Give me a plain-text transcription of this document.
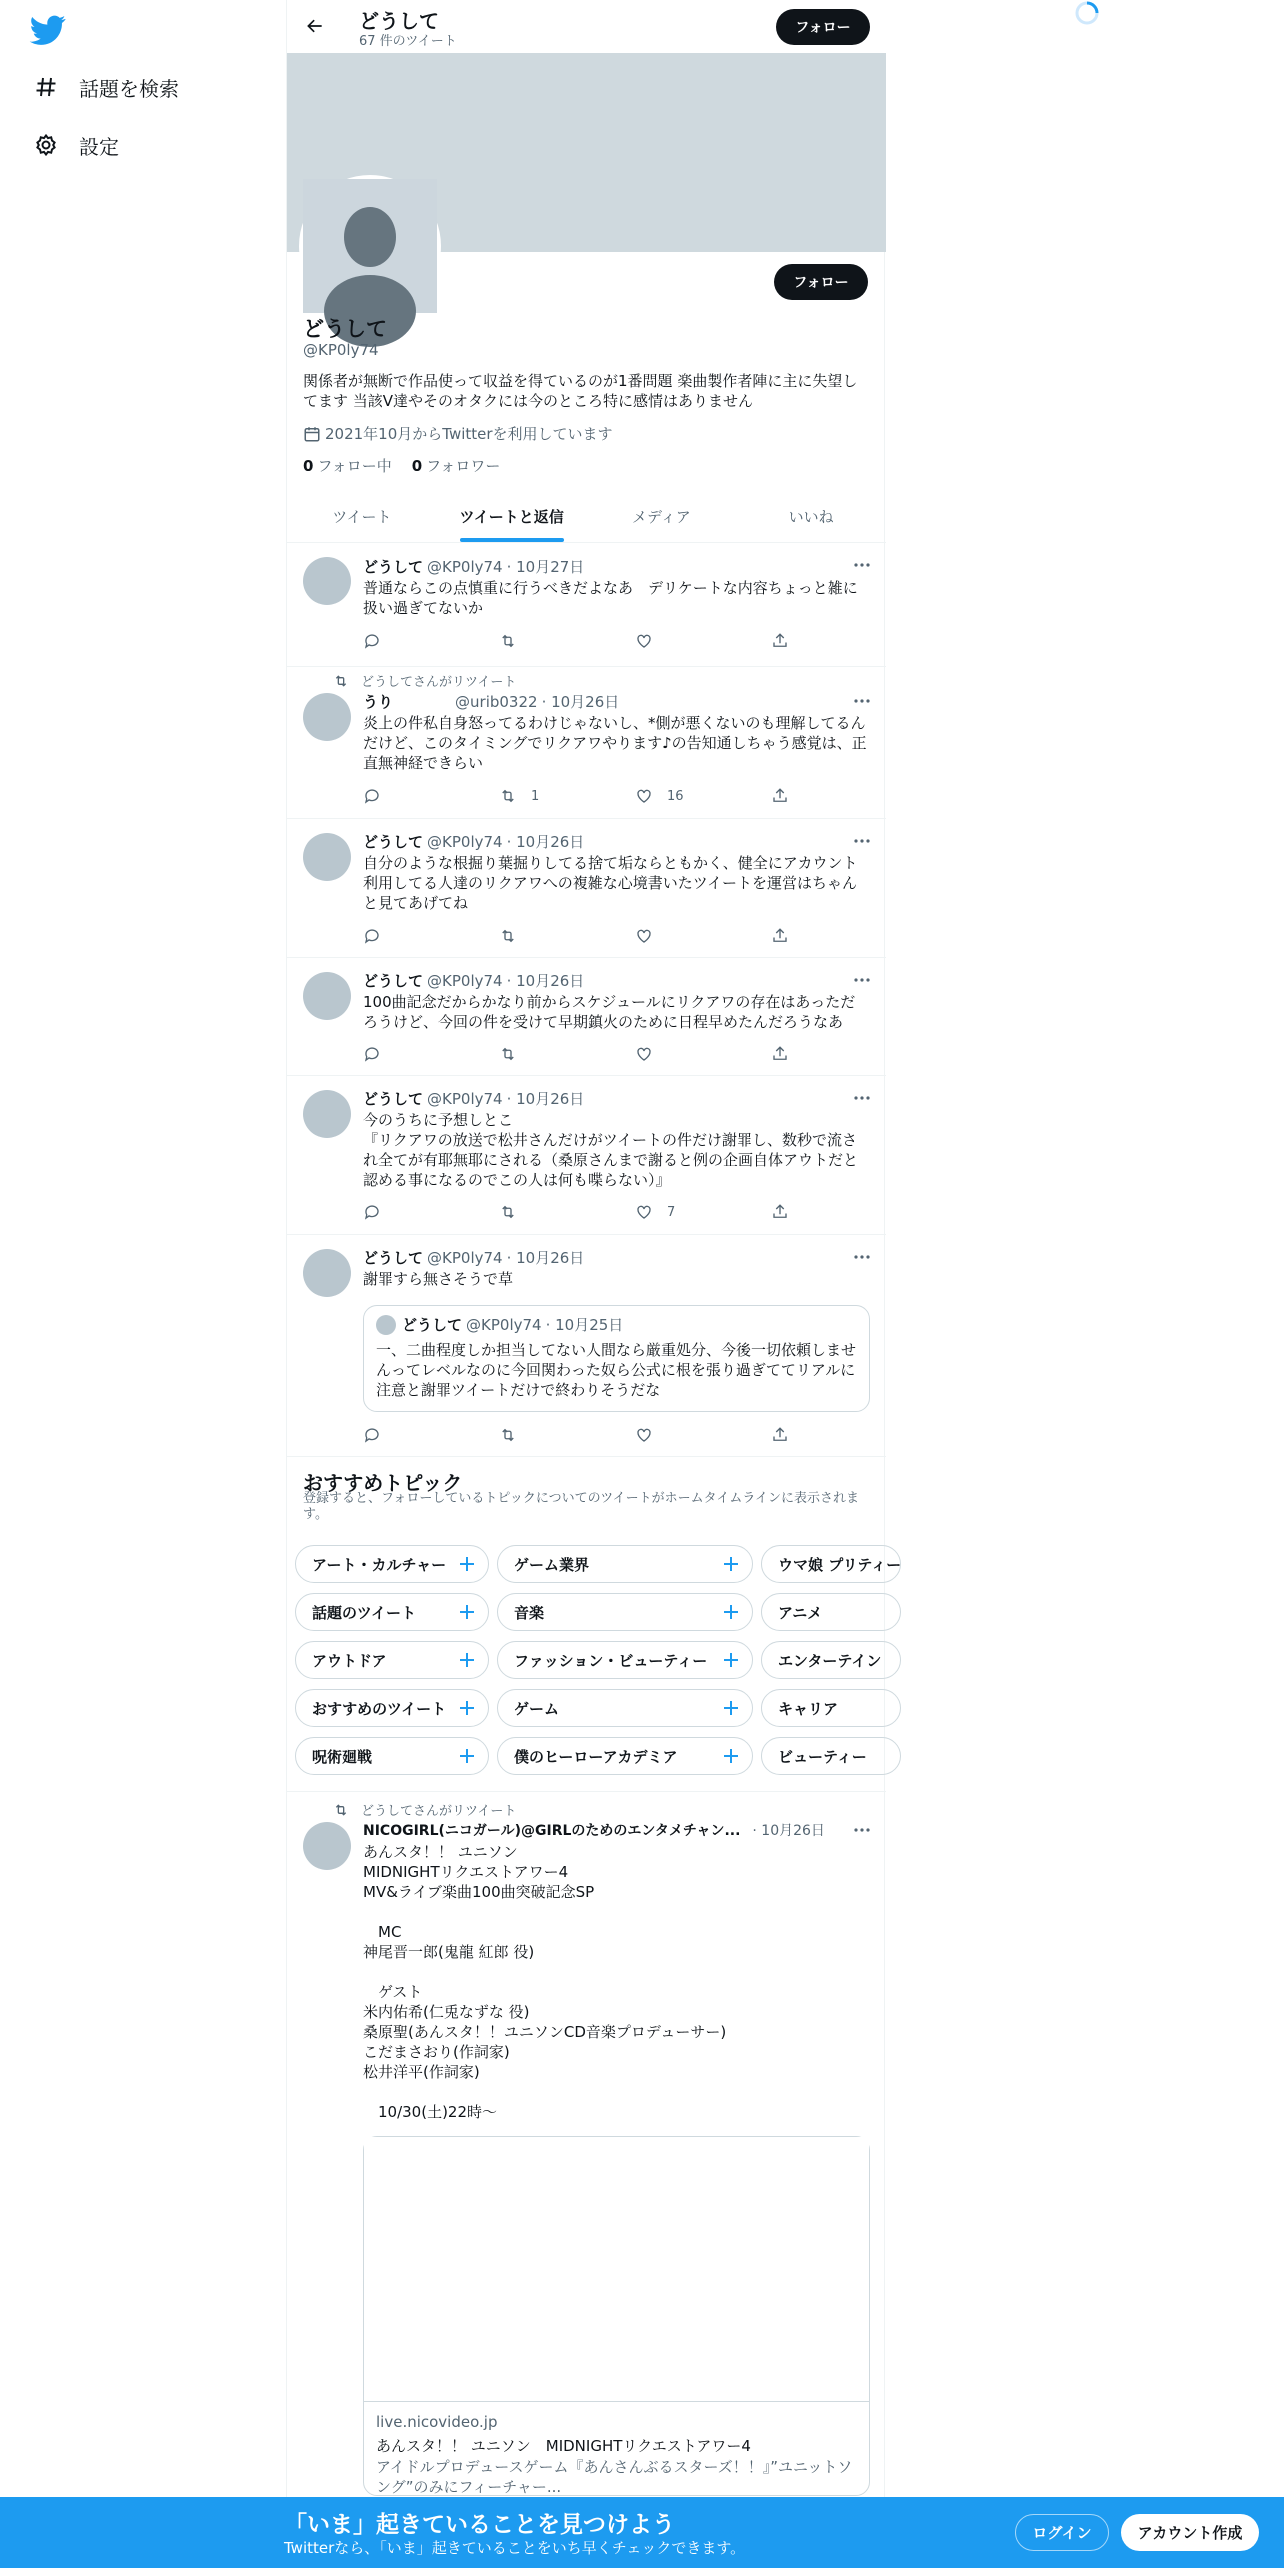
話題を検索
設定
どうして
67 件のツイート
フォロー
フォロー
どうして
@KP0ly74
関係者が無断で作品使って収益を得ているのが1番問題 楽曲製作者陣に主に失望してます 当該V達やそのオタクには今のところ特に感情はありません
2021年10月からTwitterを利用しています
0 フォロー中 0 フォロワー
ツイート	ツイートと返信	メディア	いいね
どうして @KP0ly74 · 10月27日
普通ならこの点慎重に行うべきだよなあ　デリケートな内容ちょっと雑に扱い過ぎてないか
どうしてさんがリツイート
うり	@urib0322 · 10月26日
炎上の件私自身怒ってるわけじゃないし、*側が悪くないのも理解してるんだけど、このタイミングでリクアワやります♪の告知通しちゃう感覚は、正直無神経できらい
1	16
どうして @KP0ly74 · 10月26日
自分のような根掘り葉掘りしてる捨て垢ならともかく、健全にアカウント利用してる人達のリクアワへの複雑な心境書いたツイートを運営はちゃんと見てあげてね
どうして @KP0ly74 · 10月26日
100曲記念だからかなり前からスケジュールにリクアワの存在はあっただろうけど、今回の件を受けて早期鎮火のために日程早めたんだろうなあ
どうして @KP0ly74 · 10月26日
今のうちに予想しとこ
『リクアワの放送で松井さんだけがツイートの件だけ謝罪し、数秒で流され全てが有耶無耶にされる（桑原さんまで謝ると例の企画自体アウトだと認める事になるのでこの人は何も喋らない）』
7
どうして @KP0ly74 · 10月26日
謝罪すら無さそうで草
どうして @KP0ly74 · 10月25日
一、二曲程度しか担当してない人間なら厳重処分、今後一切依頼しませんってレベルなのに今回関わった奴ら公式に根を張り過ぎててリアルに注意と謝罪ツイートだけで終わりそうだな
おすすめトピック
登録すると、フォローしているトピックについてのツイートがホームタイムラインに表示されます。
アート・カルチャー	ゲーム業界	ウマ娘 プリティー
話題のツイート	音楽	アニメ
アウトドア	ファッション・ビューティー	エンターテイン
おすすめのツイート	ゲーム	キャリア
呪術廻戦	僕のヒーローアカデミア	ビューティー
どうしてさんがリツイート
NICOGIRL(ニコガール)@GIRLのためのエンタメチャン... · 10月26日
あんスタ！！ ユニソン
MIDNIGHTリクエストアワー4
MV&ライブ楽曲100曲突破記念SP

　MC
神尾晋一郎(鬼龍 紅郎 役)

　ゲスト
米内佑希(仁兎なずな 役)
桑原聖(あんスタ！！ユニソンCD音楽プロデューサー)
こだまさおり(作詞家)
松井洋平(作詞家)

　10/30(土)22時～
live.nicovideo.jp
あんスタ！！ ユニソン　MIDNIGHTリクエストアワー4
アイドルプロデュースゲーム『あんさんぶるスターズ！！』”ユニットソング”のみにフィーチャー...
「いま」起きていることを見つけよう
Twitterなら、「いま」起きていることをいち早くチェックできます。
ログイン	アカウント作成
